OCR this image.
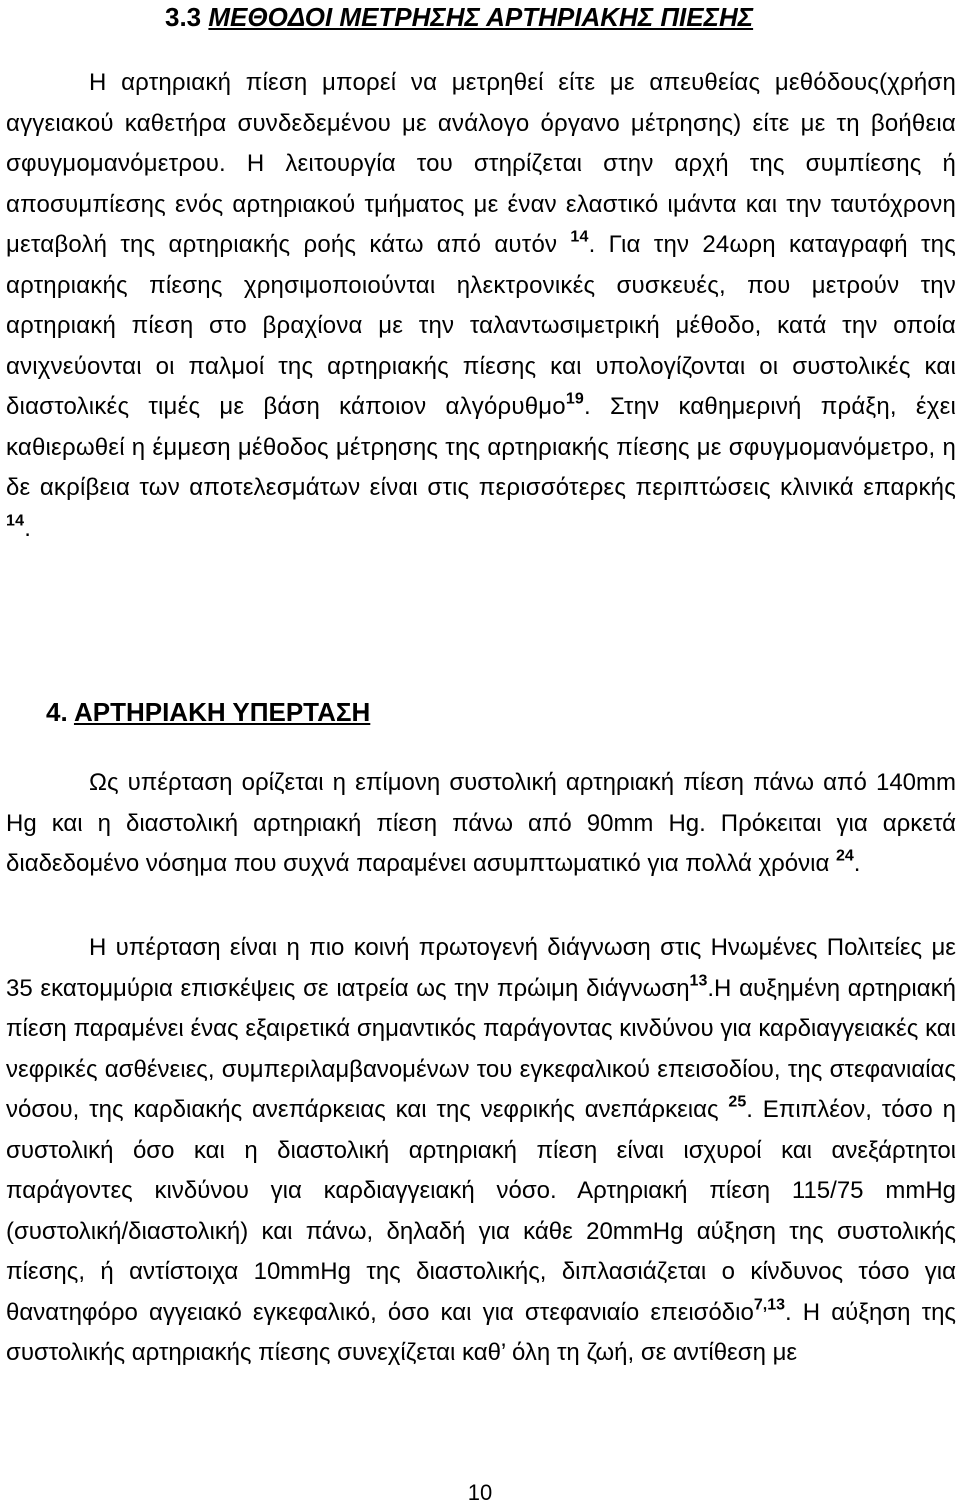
3.3 ΜΕΘΟΔΟΙ ΜΕΤΡΗΣΗΣ ΑΡΤΗΡΙΑΚΗΣ ΠΙΕΣΗΣ
Η αρτηριακή πίεση μπορεί να μετρηθεί είτε με απευθείας μεθόδους(χρήση αγγειακού καθετήρα συνδεδεμένου με ανάλογο όργανο μέτρησης) είτε με τη βοήθεια σφυγμομανόμετρου. Η λειτουργία του στηρίζεται στην αρχή της συμπίεσης ή αποσυμπίεσης ενός αρτηριακού τμήματος με έναν ελαστικό ιμάντα και την ταυτόχρονη μεταβολή της αρτηριακής ροής κάτω από αυτόν $^{14}$. Για την 24ωρη καταγραφή της αρτηριακής πίεσης χρησιμοποιούνται ηλεκτρονικές συσκευές, που μετρούν την αρτηριακή πίεση στο βραχίονα με την ταλαντωσιμετρική μέθοδο, κατά την οποία ανιχνεύονται οι παλμοί της αρτηριακής πίεσης και υπολογίζονται οι συστολικές και διαστολικές τιμές με βάση κάποιον αλγόρυθμο$^{19}$. Στην καθημερινή πράξη, έχει καθιερωθεί η έμμεση μέθοδος μέτρησης της αρτηριακής πίεσης με σφυγμομανόμετρο, η δε ακρίβεια των αποτελεσμάτων είναι στις περισσότερες περιπτώσεις κλινικά επαρκής $^{14}$.
4. ΑΡΤΗΡΙΑΚΗ ΥΠΕΡΤΑΣΗ
Ως υπέρταση ορίζεται η επίμονη συστολική αρτηριακή πίεση πάνω από 140mm Hg και η διαστολική αρτηριακή πίεση πάνω από 90mm Hg. Πρόκειται για αρκετά διαδεδομένο νόσημα που συχνά παραμένει ασυμπτωματικό για πολλά χρόνια $^{24}$.
Η υπέρταση είναι η πιο κοινή πρωτογενή διάγνωση στις Ηνωμένες Πολιτείες με 35 εκατομμύρια επισκέψεις σε ιατρεία ως την πρώιμη διάγνωση$^{13}$.Η αυξημένη αρτηριακή πίεση παραμένει ένας εξαιρετικά σημαντικός παράγοντας κινδύνου για καρδιαγγειακές και νεφρικές ασθένειες, συμπεριλαμβανομένων του εγκεφαλικού επεισοδίου, της στεφανιαίας νόσου, της καρδιακής ανεπάρκειας και της νεφρικής ανεπάρκειας $^{25}$. Επιπλέον, τόσο η συστολική όσο και η διαστολική αρτηριακή πίεση είναι ισχυροί και ανεξάρτητοι παράγοντες κινδύνου για καρδιαγγειακή νόσο. Αρτηριακή πίεση 115/75 mmHg (συστολική/διαστολική) και πάνω, δηλαδή για κάθε 20mmHg αύξηση της συστολικής πίεσης, ή αντίστοιχα 10mmHg της διαστολικής, διπλασιάζεται ο κίνδυνος τόσο για θανατηφόρο αγγειακό εγκεφαλικό, όσο και για στεφανιαίο επεισόδιο$^{7,13}$. Η αύξηση της συστολικής αρτηριακής πίεσης συνεχίζεται καθ’ όλη τη ζωή, σε αντίθεση με
10
